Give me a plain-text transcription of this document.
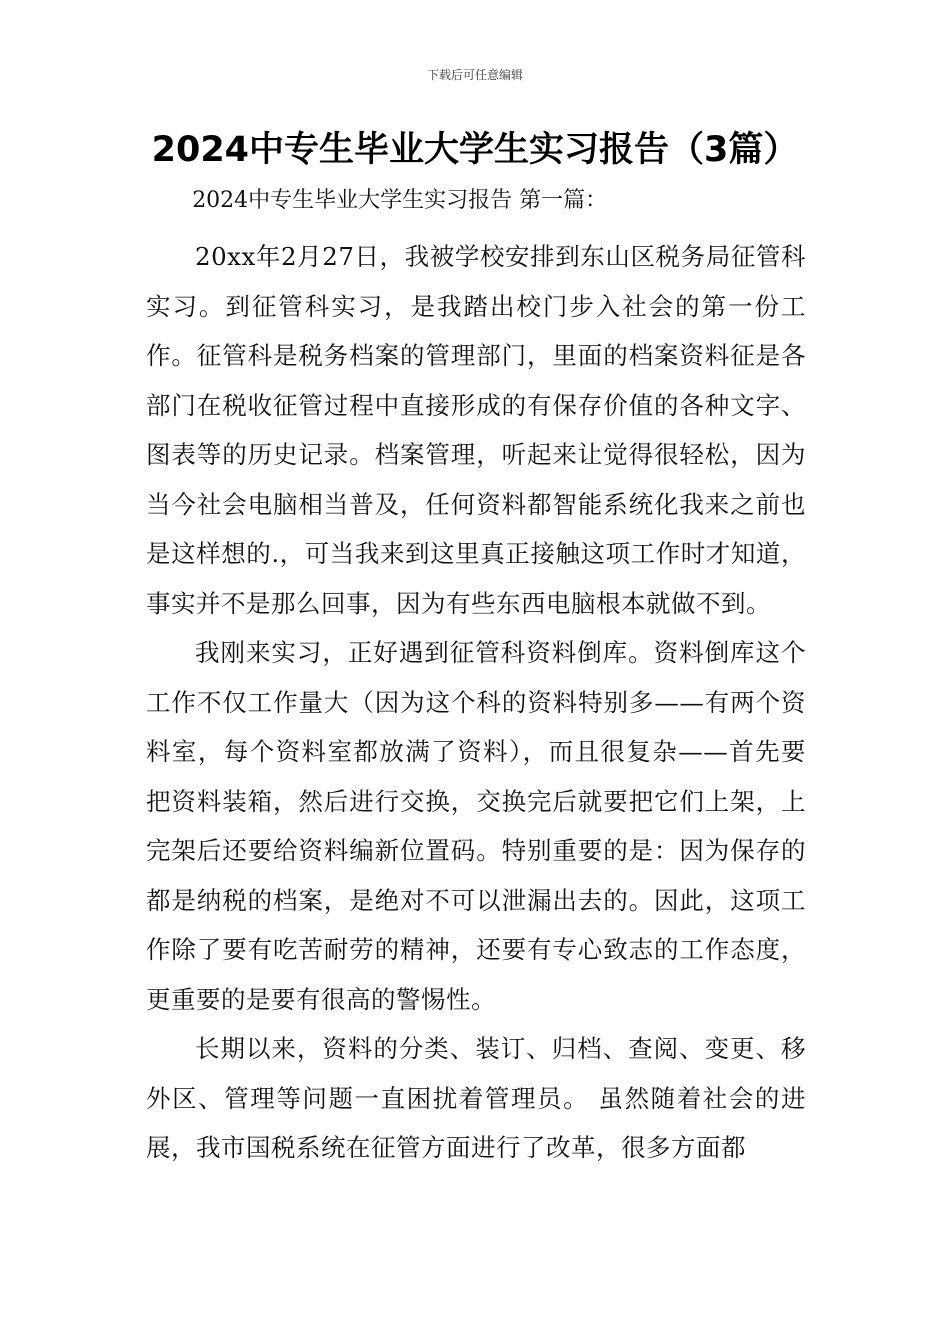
下载后可任意编辑
2024中专生毕业大学生实习报告（3篇）

2024中专生毕业大学生实习报告 第一篇：

20xx年2月27日，我被学校安排到东山区税务局征管科实习。到征管科实习，是我踏出校门步入社会的第一份工作。征管科是税务档案的管理部门，里面的档案资料征是各部门在税收征管过程中直接形成的有保存价值的各种文字、图表等的历史记录。档案管理，听起来让觉得很轻松，因为当今社会电脑相当普及，任何资料都智能系统化我来之前也是这样想的.，可当我来到这里真正接触这项工作时才知道，事实并不是那么回事，因为有些东西电脑根本就做不到。

我刚来实习，正好遇到征管科资料倒库。资料倒库这个工作不仅工作量大（因为这个科的资料特别多——有两个资料室，每个资料室都放满了资料），而且很复杂——首先要把资料装箱，然后进行交换，交换完后就要把它们上架，上完架后还要给资料编新位置码。特别重要的是：因为保存的都是纳税的档案，是绝对不可以泄漏出去的。因此，这项工作除了要有吃苦耐劳的精神，还要有专心致志的工作态度，更重要的是要有很高的警惕性。

长期以来，资料的分类、装订、归档、查阅、变更、移外区、管理等问题一直困扰着管理员。 虽然随着社会的进展，我市国税系统在征管方面进行了改革，很多方面都
